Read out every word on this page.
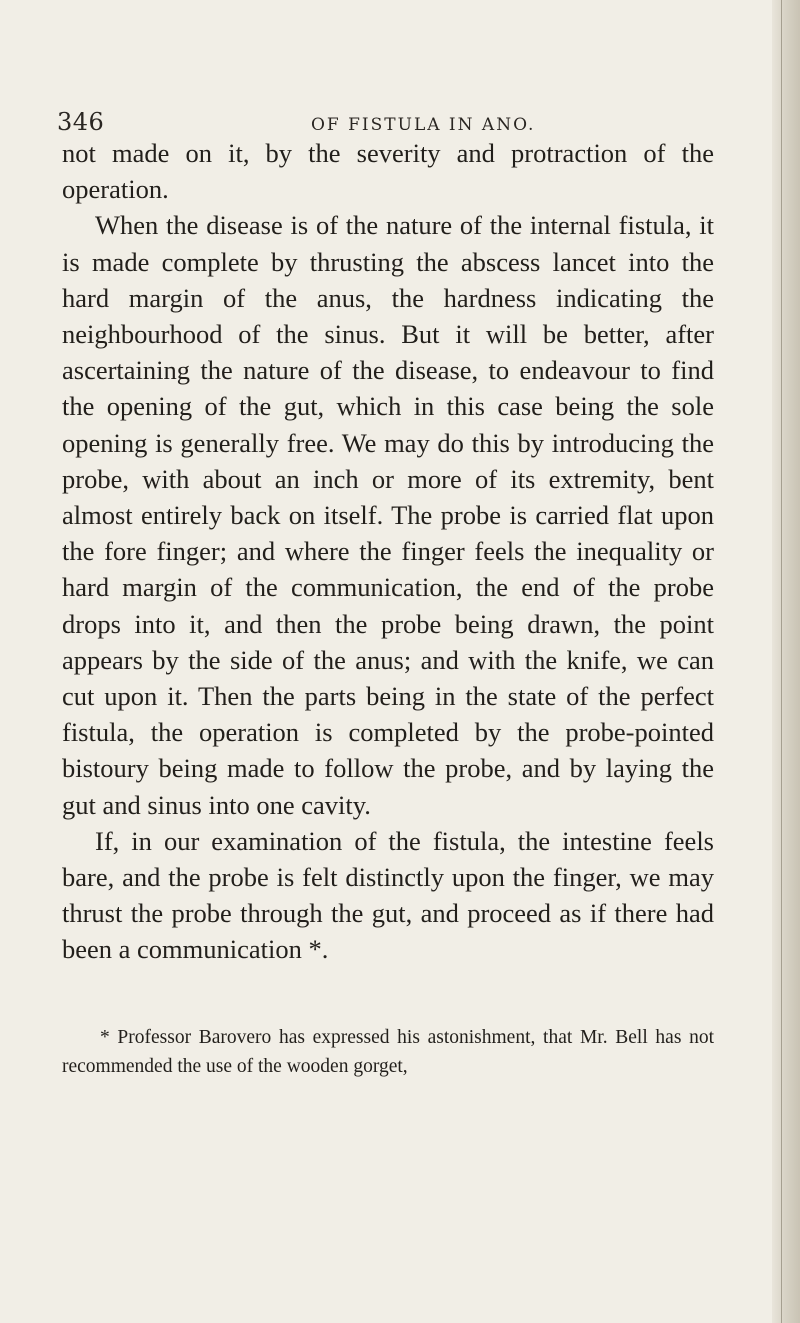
346	OF FISTULA IN ANO.

not made on it, by the severity and protraction of the operation.

When the disease is of the nature of the internal fistula, it is made complete by thrusting the abscess lancet into the hard margin of the anus, the hardness indicating the neighbourhood of the sinus. But it will be better, after ascertaining the nature of the disease, to endeavour to find the opening of the gut, which in this case being the sole opening is generally free. We may do this by introducing the probe, with about an inch or more of its extremity, bent almost entirely back on itself. The probe is carried flat upon the fore finger; and where the finger feels the inequality or hard margin of the communication, the end of the probe drops into it, and then the probe being drawn, the point appears by the side of the anus; and with the knife, we can cut upon it. Then the parts being in the state of the perfect fistula, the operation is completed by the probe-pointed bistoury being made to follow the probe, and by laying the gut and sinus into one cavity.

If, in our examination of the fistula, the intestine feels bare, and the probe is felt distinctly upon the finger, we may thrust the probe through the gut, and proceed as if there had been a communication *.

* Professor Barovero has expressed his astonishment, that Mr. Bell has not recommended the use of the wooden gorget,
